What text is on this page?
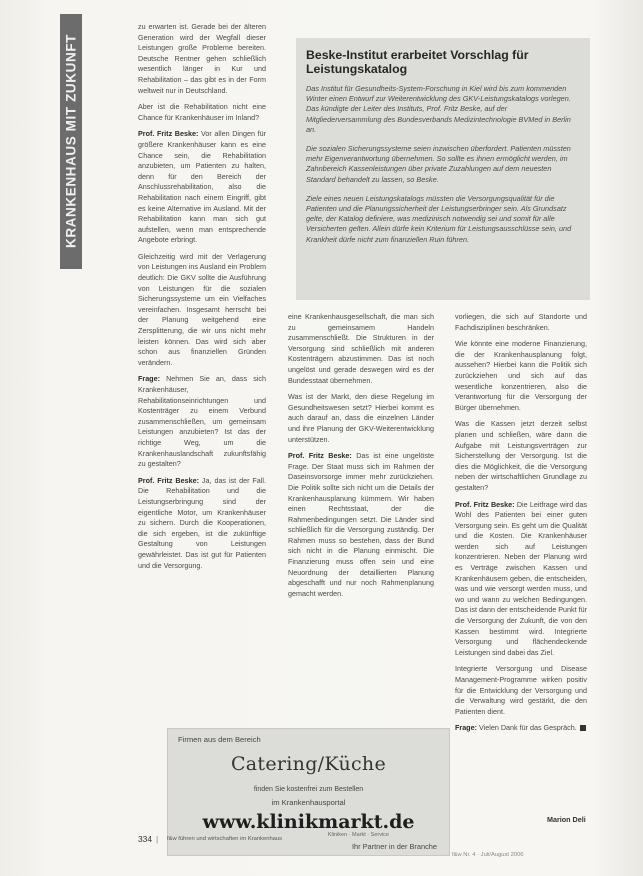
KRANKENHAUS MIT ZUKUNFT

zu erwarten ist. Gerade bei der älteren Generation wird der Wegfall dieser Leistungen große Probleme bereiten. Deutsche Rentner gehen schließlich wesentlich länger in Kur und Rehabilitation – das gibt es in der Form weltweit nur in Deutschland.

Aber ist die Rehabilitation nicht eine Chance für Krankenhäuser im Inland?

Prof. Fritz Beske: Vor allen Dingen für größere Krankenhäuser kann es eine Chance sein, die Rehabilitation anzubieten, um Patienten zu halten, denn für den Bereich der Anschlussrehabilitation, also die Rehabilitation nach einem Eingriff, gibt es keine Alternative im Ausland. Mit der Rehabilitation kann man sich gut aufstellen, wenn man entsprechende Angebote erbringt.

Gleichzeitig wird mit der Verlagerung von Leistungen ins Ausland ein Problem deutlich: Die GKV sollte die Ausführung von Leistungen für die sozialen Sicherungssysteme um ein Vielfaches vereinfachen. Insgesamt herrscht bei der Planung weitgehend eine Zersplitterung, die wir uns nicht mehr leisten können. Das wird sich aber schon aus finanziellen Gründen verändern.

Frage: Nehmen Sie an, dass sich Krankenhäuser, Rehabilitationseinrichtungen und Kostenträger zu einem Verbund zusammenschließen, um gemeinsam Leistungen anzubieten? Ist das der richtige Weg, um die Krankenhauslandschaft zukunftsfähig zu gestalten?

Prof. Fritz Beske: Ja, das ist der Fall. Die Rehabilitation und die Leistungserbringung sind der eigentliche Motor, um Krankenhäuser zu sichern. Durch die Kooperationen, die sich ergeben, ist die zukünftige Gestaltung von Leistungen gewährleistet. Das ist gut für Patienten und die Versorgung.

Beske-Institut erarbeitet Vorschlag für Leistungskatalog

Das Institut für Gesundheits-System-Forschung in Kiel wird bis zum kommenden Winter einen Entwurf zur Weiterentwicklung des GKV-Leistungskatalogs vorlegen. Das kündigte der Leiter des Instituts, Prof. Fritz Beske, auf der Mitgliederversammlung des Bundesverbands Medizintechnologie BVMed in Berlin an.

Die sozialen Sicherungssysteme seien inzwischen überfordert. Patienten müssten mehr Eigenverantwortung übernehmen. So sollte es ihnen ermöglicht werden, im Zahnbereich Kassenleistungen über private Zuzahlungen auf dem neuesten Standard behandelt zu lassen, so Beske.

Ziele eines neuen Leistungskatalogs müssten die Versorgungsqualität für die Patienten und die Planungssicherheit der Leistungserbringer sein. Als Grundsatz gelte, der Katalog definiere, was medizinisch notwendig sei und somit für alle Versicherten gelten. Allein dürfe kein Kriterium für Leistungsausschlüsse sein, und Krankheit dürfe nicht zum finanziellen Ruin führen.

eine Krankenhausgesellschaft, die man sich zu gemeinsamem Handeln zusammenschließt. Die Strukturen in der Versorgung sind schließlich mit anderen Kostenträgern abzustimmen. Das ist noch ungelöst und gerade deswegen wird es der Bundesstaat übernehmen.

Was ist der Markt, den diese Regelung im Gesundheitswesen setzt? Hierbei kommt es auch darauf an, dass die einzelnen Länder und ihre Planung der GKV-Weiterentwicklung unterstützen.

Prof. Fritz Beske: Das ist eine ungelöste Frage. Der Staat muss sich im Rahmen der Daseinsvorsorge immer mehr zurückziehen. Die Politik sollte sich nicht um die Details der Krankenhausplanung kümmern. Wir haben einen Rechtsstaat, der die Rahmenbedingungen setzt. Die Länder sind schließlich für die Versorgung zuständig. Der Rahmen muss so bestehen, dass der Bund sich nicht in die Planung einmischt. Die Finanzierung muss offen sein und eine Neuordnung der detaillierten Planung abgeschafft und nur noch Rahmenplanung gemacht werden.

vorliegen, die sich auf Standorte und Fachdisziplinen beschränken.

Wie könnte eine moderne Finanzierung, die der Krankenhausplanung folgt, aussehen? Hierbei kann die Politik sich zurückziehen und sich auf das wesentliche konzentrieren, also die Verantwortung für die Versorgung der Bürger übernehmen.

Was die Kassen jetzt derzeit selbst planen und schließen, wäre dann die Aufgabe mit Leistungsverträgen zur Sicherstellung der Versorgung. Ist die dies die Möglichkeit, die die Versorgung neben der wirtschaftlichen Grundlage zu gestalten?

Prof. Fritz Beske: Die Leitfrage wird das Wohl des Patienten bei einer guten Versorgung sein. Es geht um die Qualität und die Kosten. Die Krankenhäuser werden sich auf Leistungen konzentrieren. Neben der Planung wird es Verträge zwischen Kassen und Krankenhäusern geben, die entscheiden, was und wie versorgt werden muss, und wo und wann zu welchen Bedingungen. Das ist dann der entscheidende Punkt für die Versorgung der Zukunft, die von den Kassen bestimmt wird. Integrierte Versorgung und flächendeckende Leistungen sind dabei das Ziel.

Integrierte Versorgung und Disease Management-Programme wirken positiv für die Entwicklung der Versorgung und die Verwaltung wird gestärkt, die den Patienten dient.

Frage: Vielen Dank für das Gespräch.

Marion Deli
Firmen aus dem Bereich
Catering/Küche
finden Sie kostenfrei zum Bestellen
im Krankenhausportal
www.klinikmarkt.de
Kliniken · Markt · Service
Ihr Partner in der Branche
334 | f&w führen und wirtschaften im Krankenhaus
f&w Nr. 4 · Juli/August 2006
